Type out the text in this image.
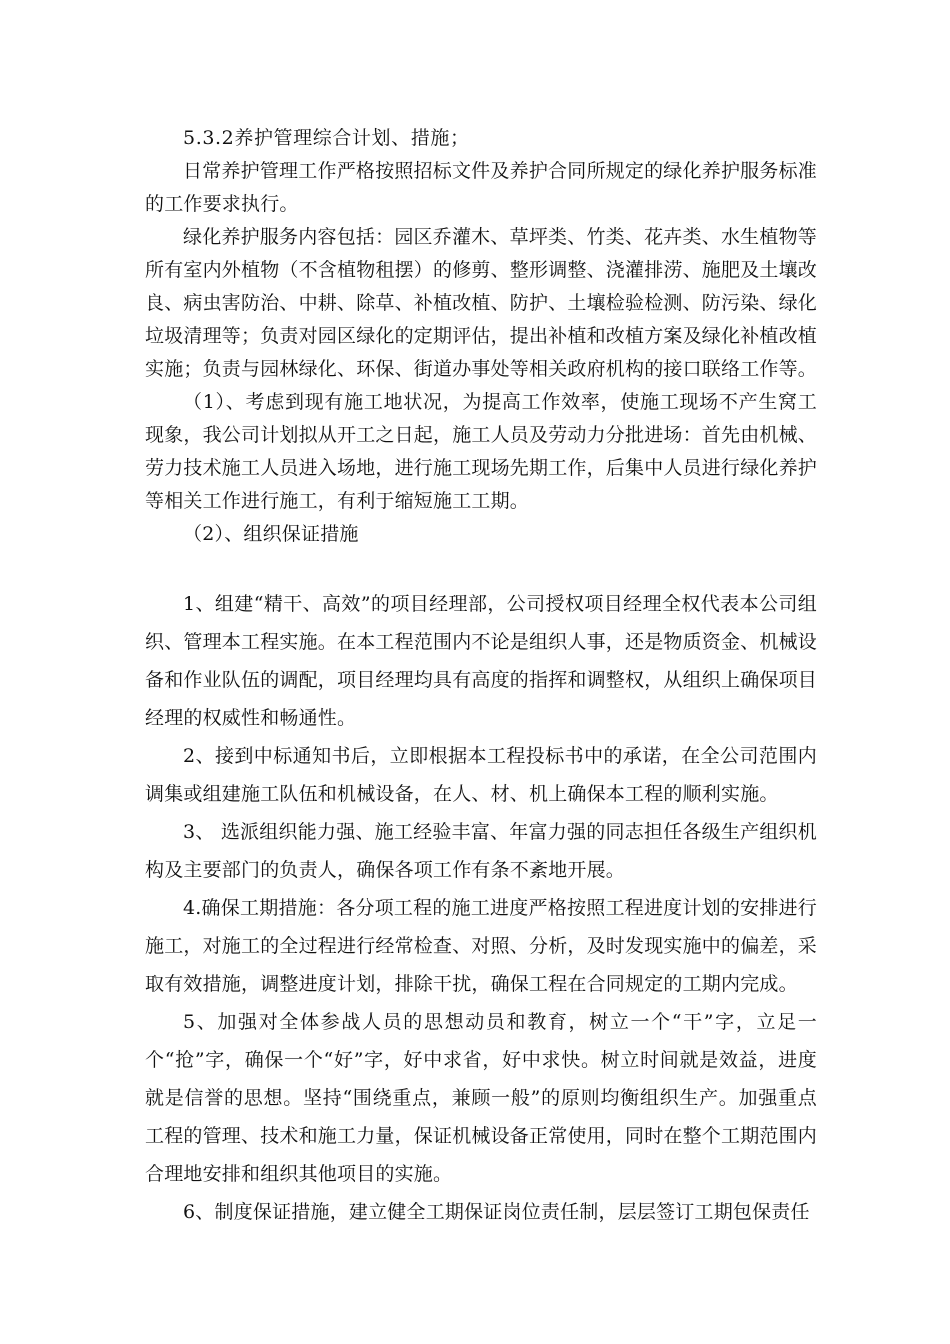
5.3.2养护管理综合计划、措施；

日常养护管理工作严格按照招标文件及养护合同所规定的绿化养护服务标准的工作要求执行。

绿化养护服务内容包括：园区乔灌木、草坪类、竹类、花卉类、水生植物等所有室内外植物（不含植物租摆）的修剪、整形调整、浇灌排涝、施肥及土壤改良、病虫害防治、中耕、除草、补植改植、防护、土壤检验检测、防污染、绿化垃圾清理等；负责对园区绿化的定期评估，提出补植和改植方案及绿化补植改植实施；负责与园林绿化、环保、街道办事处等相关政府机构的接口联络工作等。

（1）、考虑到现有施工地状况，为提高工作效率，使施工现场不产生窝工现象，我公司计划拟从开工之日起，施工人员及劳动力分批进场：首先由机械、劳力技术施工人员进入场地，进行施工现场先期工作，后集中人员进行绿化养护等相关工作进行施工，有利于缩短施工工期。

（2）、组织保证措施

1、组建“精干、高效”的项目经理部，公司授权项目经理全权代表本公司组织、管理本工程实施。在本工程范围内不论是组织人事，还是物质资金、机械设备和作业队伍的调配，项目经理均具有高度的指挥和调整权，从组织上确保项目经理的权威性和畅通性。

2、接到中标通知书后，立即根据本工程投标书中的承诺，在全公司范围内调集或组建施工队伍和机械设备，在人、材、机上确保本工程的顺利实施。

3、 选派组织能力强、施工经验丰富、年富力强的同志担任各级生产组织机构及主要部门的负责人，确保各项工作有条不紊地开展。

4.确保工期措施：各分项工程的施工进度严格按照工程进度计划的安排进行施工，对施工的全过程进行经常检查、对照、分析，及时发现实施中的偏差，采取有效措施，调整进度计划，排除干扰，确保工程在合同规定的工期内完成。

5、加强对全体参战人员的思想动员和教育，树立一个“干”字，立足一个“抢”字，确保一个“好”字，好中求省，好中求快。树立时间就是效益，进度就是信誉的思想。坚持“围绕重点，兼顾一般”的原则均衡组织生产。加强重点工程的管理、技术和施工力量，保证机械设备正常使用，同时在整个工期范围内合理地安排和组织其他项目的实施。

6、制度保证措施，建立健全工期保证岗位责任制，层层签订工期包保责任
